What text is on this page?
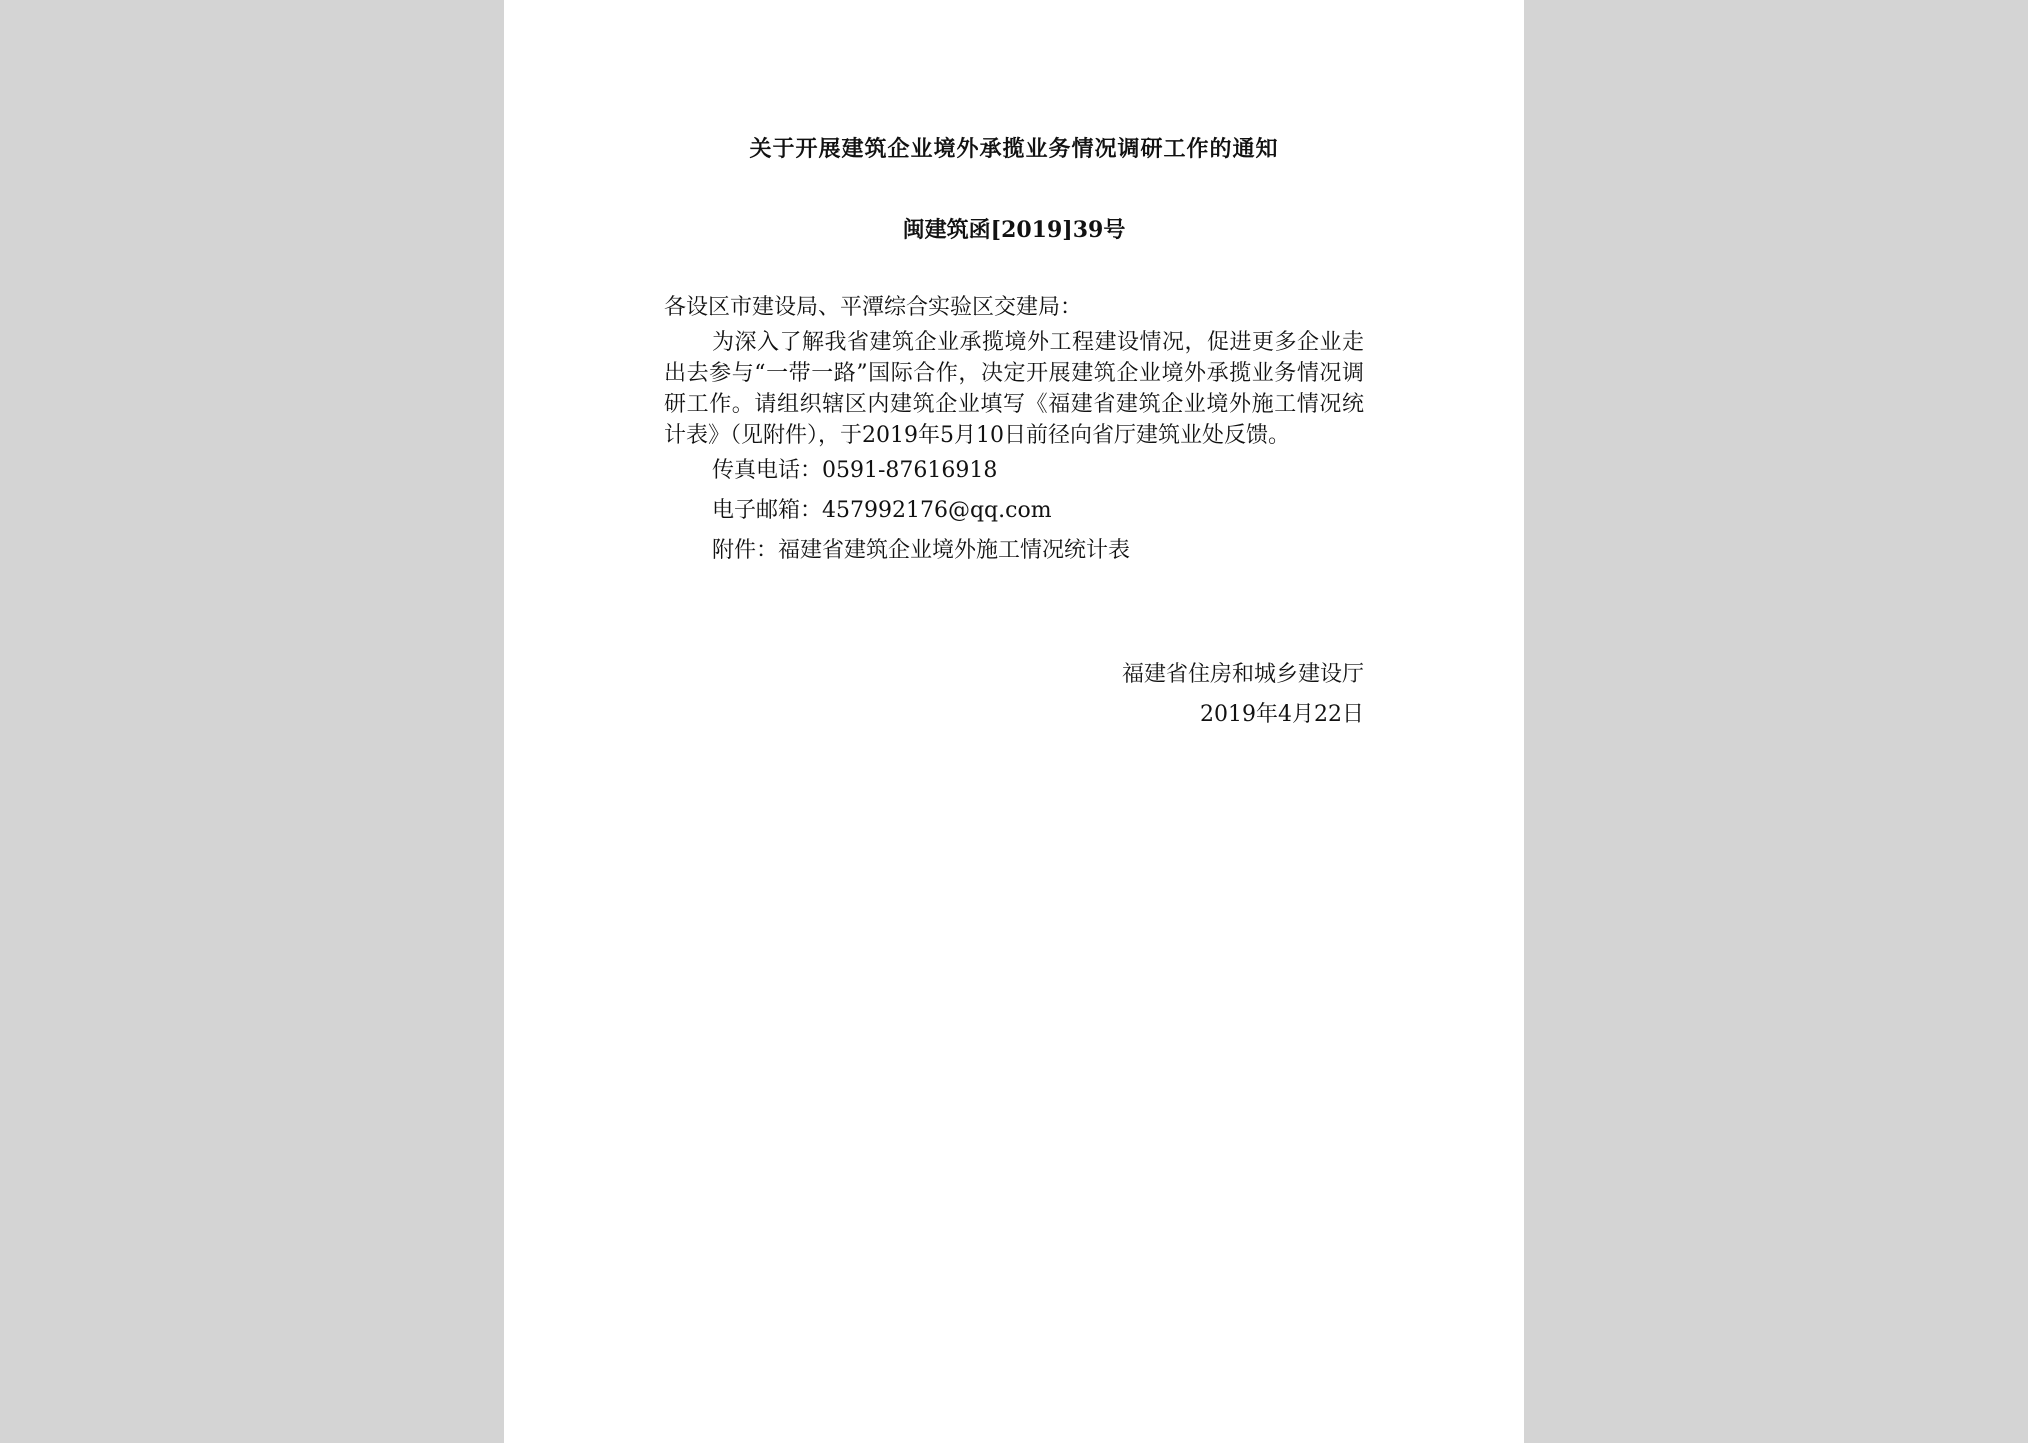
关于开展建筑企业境外承揽业务情况调研工作的通知
闽建筑函[2019]39号

各设区市建设局、平潭综合实验区交建局：

为深入了解我省建筑企业承揽境外工程建设情况，促进更多企业走出去参与“一带一路”国际合作，决定开展建筑企业境外承揽业务情况调研工作。请组织辖区内建筑企业填写《福建省建筑企业境外施工情况统计表》（见附件），于2019年5月10日前径向省厅建筑业处反馈。

传真电话：0591-87616918

电子邮箱：457992176@qq.com

附件：福建省建筑企业境外施工情况统计表

福建省住房和城乡建设厅
2019年4月22日
